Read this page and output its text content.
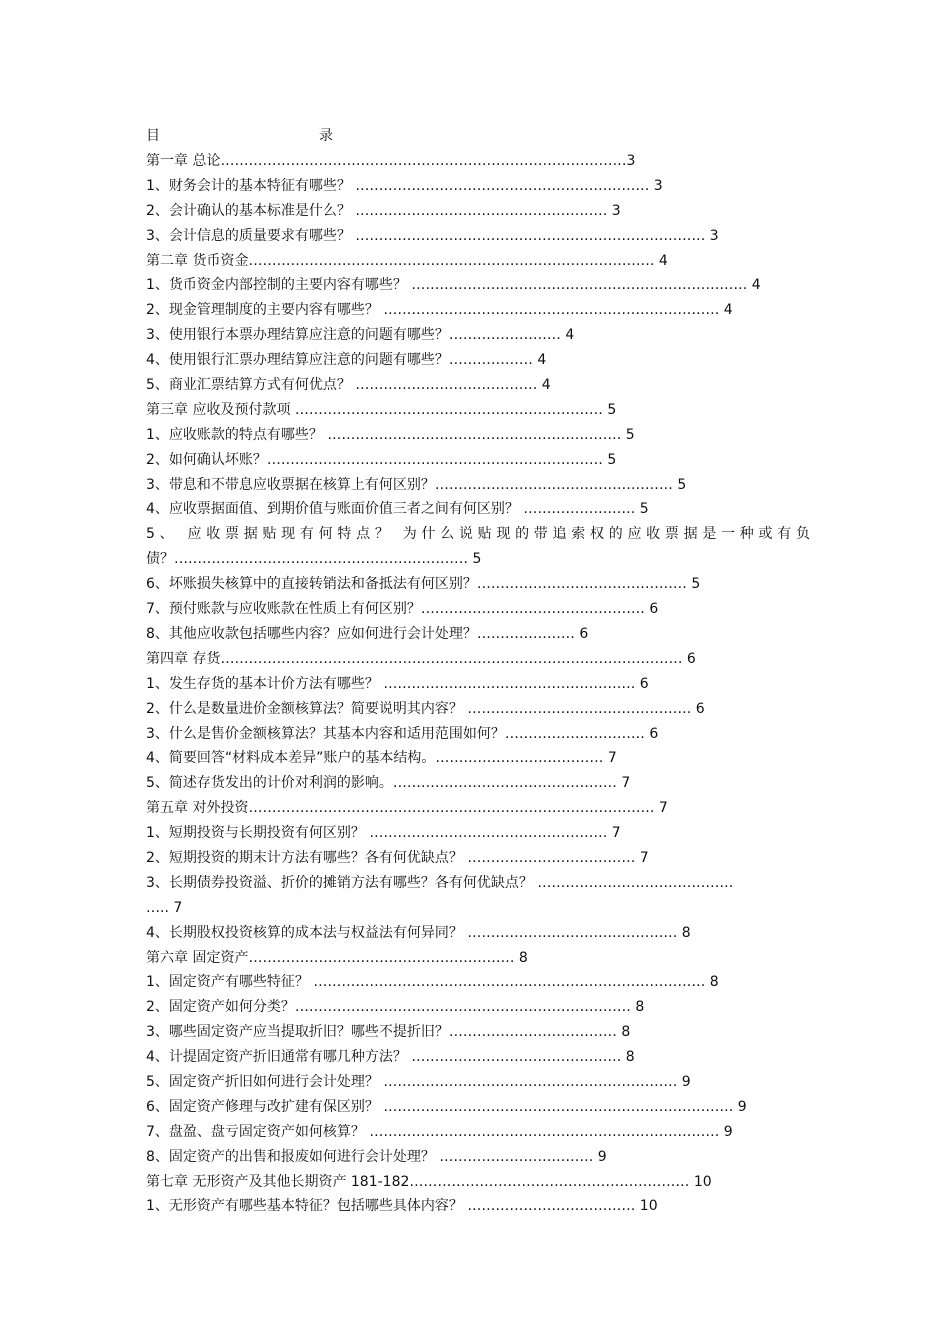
目	录
第一章 总论……………………………………………………………………………3
1、财务会计的基本特征有哪些？ ……………………………………………………… 3
2、会计确认的基本标准是什么？ ……………………………………………… 3
3、会计信息的质量要求有哪些？ ………………………………………………………………… 3
第二章 货币资金…………………………………………………………………………… 4
1、货币资金内部控制的主要内容有哪些？ ……………………………………………………………… 4
2、现金管理制度的主要内容有哪些？ ……………………………………………………………… 4
3、使用银行本票办理结算应注意的问题有哪些？…………………… 4
4、使用银行汇票办理结算应注意的问题有哪些？……………… 4
5、商业汇票结算方式有何优点？ ………………………………… 4
第三章 应收及预付款项 ………………………………………………………… 5
1、应收账款的特点有哪些？ ……………………………………………………… 5
2、如何确认坏账？……………………………………………………………… 5
3、带息和不带息应收票据在核算上有何区别？…………………………………………… 5
4、应收票据面值、到期价值与账面价值三者之间有何区别？ …………………… 5
5、 应收票据贴现有何特点？ 为什么说贴现的带追索权的应收票据是一种或有负债？……………………………………………………… 5
6、坏账损失核算中的直接转销法和备抵法有何区别？……………………………………… 5
7、预付账款与应收账款在性质上有何区别？………………………………………… 6
8、其他应收款包括哪些内容？应如何进行会计处理？………………… 6
第四章 存货……………………………………………………………………………………… 6
1、发生存货的基本计价方法有哪些？ ……………………………………………… 6
2、什么是数量进价金额核算法？简要说明其内容？ ………………………………………… 6
3、什么是售价金额核算法？其基本内容和适用范围如何？………………………… 6
4、简要回答“材料成本差异”账户的基本结构。……………………………… 7
5、简述存货发出的计价对利润的影响。………………………………………… 7
第五章 对外投资…………………………………………………………………………… 7
1、短期投资与长期投资有何区别？ …………………………………………… 7
2、短期投资的期末计方法有哪些？各有何优缺点？ ……………………………… 7
3、长期债券投资溢、折价的摊销方法有哪些？各有何优缺点？ ……………………………………
….. 7
4、长期股权投资核算的成本法与权益法有何异同？ ……………………………………… 8
第六章 固定资产………………………………………………… 8
1、固定资产有哪些特征？ ………………………………………………………………………… 8
2、固定资产如何分类？……………………………………………………………… 8
3、哪些固定资产应当提取折旧？哪些不提折旧？……………………………… 8
4、计提固定资产折旧通常有哪几种方法？ ……………………………………… 8
5、固定资产折旧如何进行会计处理？ ……………………………………………………… 9
6、固定资产修理与改扩建有保区别？ ………………………………………………………………… 9
7、盘盈、盘亏固定资产如何核算？ ………………………………………………………………… 9
8、固定资产的出售和报废如何进行会计处理？ …………………………… 9
第七章 无形资产及其他长期资产 181-182…………………………………………………… 10
1、无形资产有哪些基本特征？包括哪些具体内容？ ……………………………… 10
